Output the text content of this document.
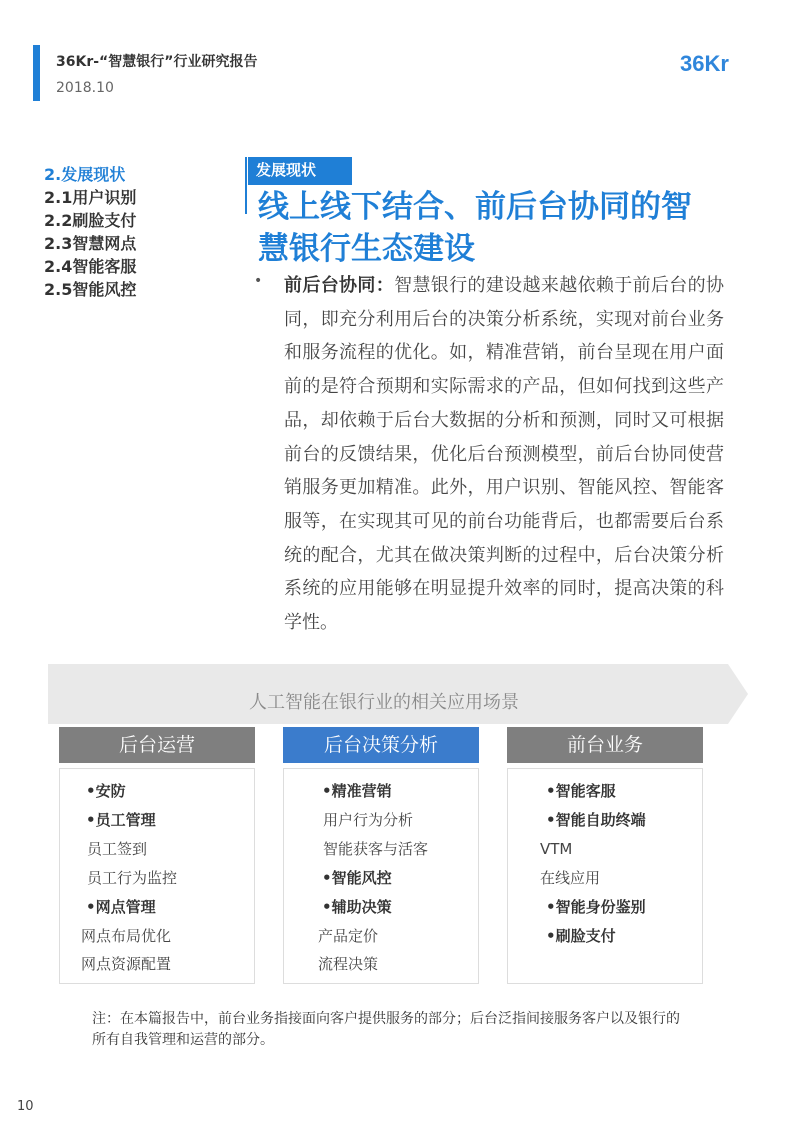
36Kr-“智慧银行”行业研究报告
2018.10
36Kr
2.发展现状
2.1用户识别
2.2刷脸支付
2.3智慧网点
2.4智能客服
2.5智能风控
发展现状
线上线下结合、前后台协同的智
慧银行生态建设
• 前后台协同：智慧银行的建设越来越依赖于前后台的协同，即充分利用后台的决策分析系统，实现对前台业务和服务流程的优化。如，精准营销，前台呈现在用户面前的是符合预期和实际需求的产品，但如何找到这些产品，却依赖于后台大数据的分析和预测，同时又可根据前台的反馈结果，优化后台预测模型，前后台协同使营销服务更加精准。此外，用户识别、智能风控、智能客服等，在实现其可见的前台功能背后，也都需要后台系统的配合，尤其在做决策判断的过程中，后台决策分析系统的应用能够在明显提升效率的同时，提高决策的科学性。
人工智能在银行业的相关应用场景
后台运营
•安防
•员工管理
员工签到
员工行为监控
•网点管理
网点布局优化
网点资源配置
后台决策分析
•精准营销
用户行为分析
智能获客与活客
•智能风控
•辅助决策
产品定价
流程决策
前台业务
•智能客服
•智能自助终端
VTM
在线应用
•智能身份鉴别
•刷脸支付
注：在本篇报告中，前台业务指接面向客户提供服务的部分；后台泛指间接服务客户以及银行的所有自我管理和运营的部分。
10
